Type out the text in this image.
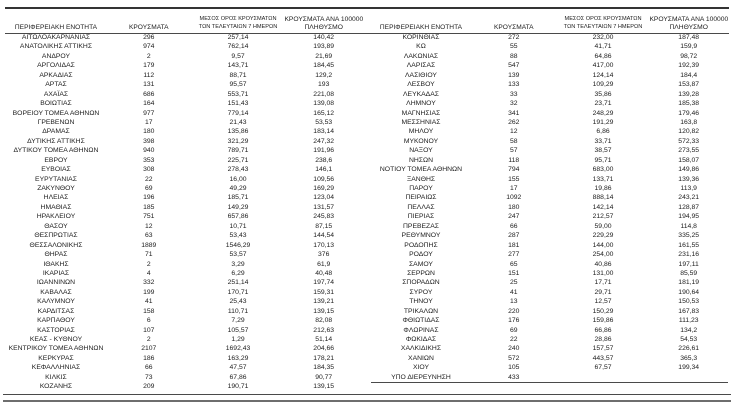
ΠΕΡΙΦΕΡΕΙΑΚΗ ΕΝΟΤΗΤΑ	ΚΡΟΥΣΜΑΤΑ
ΜΕΣΟΣ ΟΡΟΣ ΚΡΟΥΣΜΑΤΩΝ
ΤΩΝ ΤΕΛΕΥΤΑΙΩΝ 7 ΗΜΕΡΩΝ
ΚΡΟΥΣΜΑΤΑ ΑΝΑ 100000
ΠΛΗΘΥΣΜΟ
ΑΙΤΩΛΟΑΚΑΡΝΑΝΙΑΣ	296	257,14	140,42
ΑΝΑΤΟΛΙΚΗΣ ΑΤΤΙΚΗΣ	974	762,14	193,89
ΑΝΔΡΟΥ	2	9,57	21,69
ΑΡΓΟΛΙΔΑΣ	179	143,71	184,45
ΑΡΚΑΔΙΑΣ	112	88,71	129,2
ΑΡΤΑΣ	131	95,57	193
ΑΧΑΪΑΣ	686	553,71	221,08
ΒΟΙΩΤΙΑΣ	164	151,43	139,08
ΒΟΡΕΙΟΥ ΤΟΜΕΑ ΑΘΗΝΩΝ	977	779,14	165,12
ΓΡΕΒΕΝΩΝ	17	21,43	53,53
ΔΡΑΜΑΣ	180	135,86	183,14
ΔΥΤΙΚΗΣ ΑΤΤΙΚΗΣ	398	321,29	247,32
ΔΥΤΙΚΟΥ ΤΟΜΕΑ ΑΘΗΝΩΝ	940	789,71	191,96
ΕΒΡΟΥ	353	225,71	238,6
ΕΥΒΟΙΑΣ	308	278,43	146,1
ΕΥΡΥΤΑΝΙΑΣ	22	16,00	109,56
ΖΑΚΥΝΘΟΥ	69	49,29	169,29
ΗΛΕΙΑΣ	196	185,71	123,04
ΗΜΑΘΙΑΣ	185	149,29	131,57
ΗΡΑΚΛΕΙΟΥ	751	657,86	245,83
ΘΑΣΟΥ	12	10,71	87,15
ΘΕΣΠΡΩΤΙΑΣ	63	53,43	144,54
ΘΕΣΣΑΛΟΝΙΚΗΣ	1889	1546,29	170,13
ΘΗΡΑΣ	71	53,57	376
ΙΘΑΚΗΣ	2	3,29	61,9
ΙΚΑΡΙΑΣ	4	6,29	40,48
ΙΩΑΝΝΙΝΩΝ	332	251,14	197,74
ΚΑΒΑΛΑΣ	199	170,71	159,31
ΚΑΛΥΜΝΟΥ	41	25,43	139,21
ΚΑΡΔΙΤΣΑΣ	158	110,71	139,15
ΚΑΡΠΑΘΟΥ	6	7,29	82,08
ΚΑΣΤΟΡΙΑΣ	107	105,57	212,63
ΚΕΑΣ - ΚΥΘΝΟΥ	2	1,29	51,14
ΚΕΝΤΡΙΚΟΥ ΤΟΜΕΑ ΑΘΗΝΩΝ	2107	1692,43	204,66
ΚΕΡΚΥΡΑΣ	186	163,29	178,21
ΚΕΦΑΛΛΗΝΙΑΣ	66	47,57	184,35
ΚΙΛΚΙΣ	73	67,86	90,77
ΚΟΖΑΝΗΣ	209	190,71	139,15
ΠΕΡΙΦΕΡΕΙΑΚΗ ΕΝΟΤΗΤΑ	ΚΡΟΥΣΜΑΤΑ
ΜΕΣΟΣ ΟΡΟΣ ΚΡΟΥΣΜΑΤΩΝ
ΤΩΝ ΤΕΛΕΥΤΑΙΩΝ 7 ΗΜΕΡΩΝ
ΚΡΟΥΣΜΑΤΑ ΑΝΑ 100000
ΠΛΗΘΥΣΜΟ
ΚΟΡΙΝΘΙΑΣ	272	232,00	187,48
ΚΩ	55	41,71	159,9
ΛΑΚΩΝΙΑΣ	88	64,86	98,72
ΛΑΡΙΣΑΣ	547	417,00	192,39
ΛΑΣΙΘΙΟΥ	139	124,14	184,4
ΛΕΣΒΟΥ	133	109,29	153,87
ΛΕΥΚΑΔΑΣ	33	35,86	139,28
ΛΗΜΝΟΥ	32	23,71	185,38
ΜΑΓΝΗΣΙΑΣ	341	248,29	179,46
ΜΕΣΣΗΝΙΑΣ	262	191,29	163,8
ΜΗΛΟΥ	12	6,86	120,82
ΜΥΚΟΝΟΥ	58	33,71	572,33
ΝΑΞΟΥ	57	38,57	273,55
ΝΗΣΩΝ	118	95,71	158,07
ΝΟΤΙΟΥ ΤΟΜΕΑ ΑΘΗΝΩΝ	794	683,00	149,86
ΞΑΝΘΗΣ	155	133,71	139,36
ΠΑΡΟΥ	17	19,86	113,9
ΠΕΙΡΑΙΩΣ	1092	888,14	243,21
ΠΕΛΛΑΣ	180	142,14	128,87
ΠΙΕΡΙΑΣ	247	212,57	194,95
ΠΡΕΒΕΖΑΣ	66	59,00	114,8
ΡΕΘΥΜΝΟΥ	287	229,29	335,25
ΡΟΔΟΠΗΣ	181	144,00	161,55
ΡΟΔΟΥ	277	254,00	231,16
ΣΑΜΟΥ	65	40,86	197,11
ΣΕΡΡΩΝ	151	131,00	85,59
ΣΠΟΡΑΔΩΝ	25	17,71	181,19
ΣΥΡΟΥ	41	29,71	190,64
ΤΗΝΟΥ	13	12,57	150,53
ΤΡΙΚΑΛΩΝ	220	150,29	167,83
ΦΘΙΩΤΙΔΑΣ	176	159,86	111,23
ΦΛΩΡΙΝΑΣ	69	66,86	134,2
ΦΩΚΙΔΑΣ	22	28,86	54,53
ΧΑΛΚΙΔΙΚΗΣ	240	157,57	226,61
ΧΑΝΙΩΝ	572	443,57	365,3
ΧΙΟΥ	105	67,57	199,34
ΥΠΟ ΔΙΕΡΕΥΝΗΣΗ	433
